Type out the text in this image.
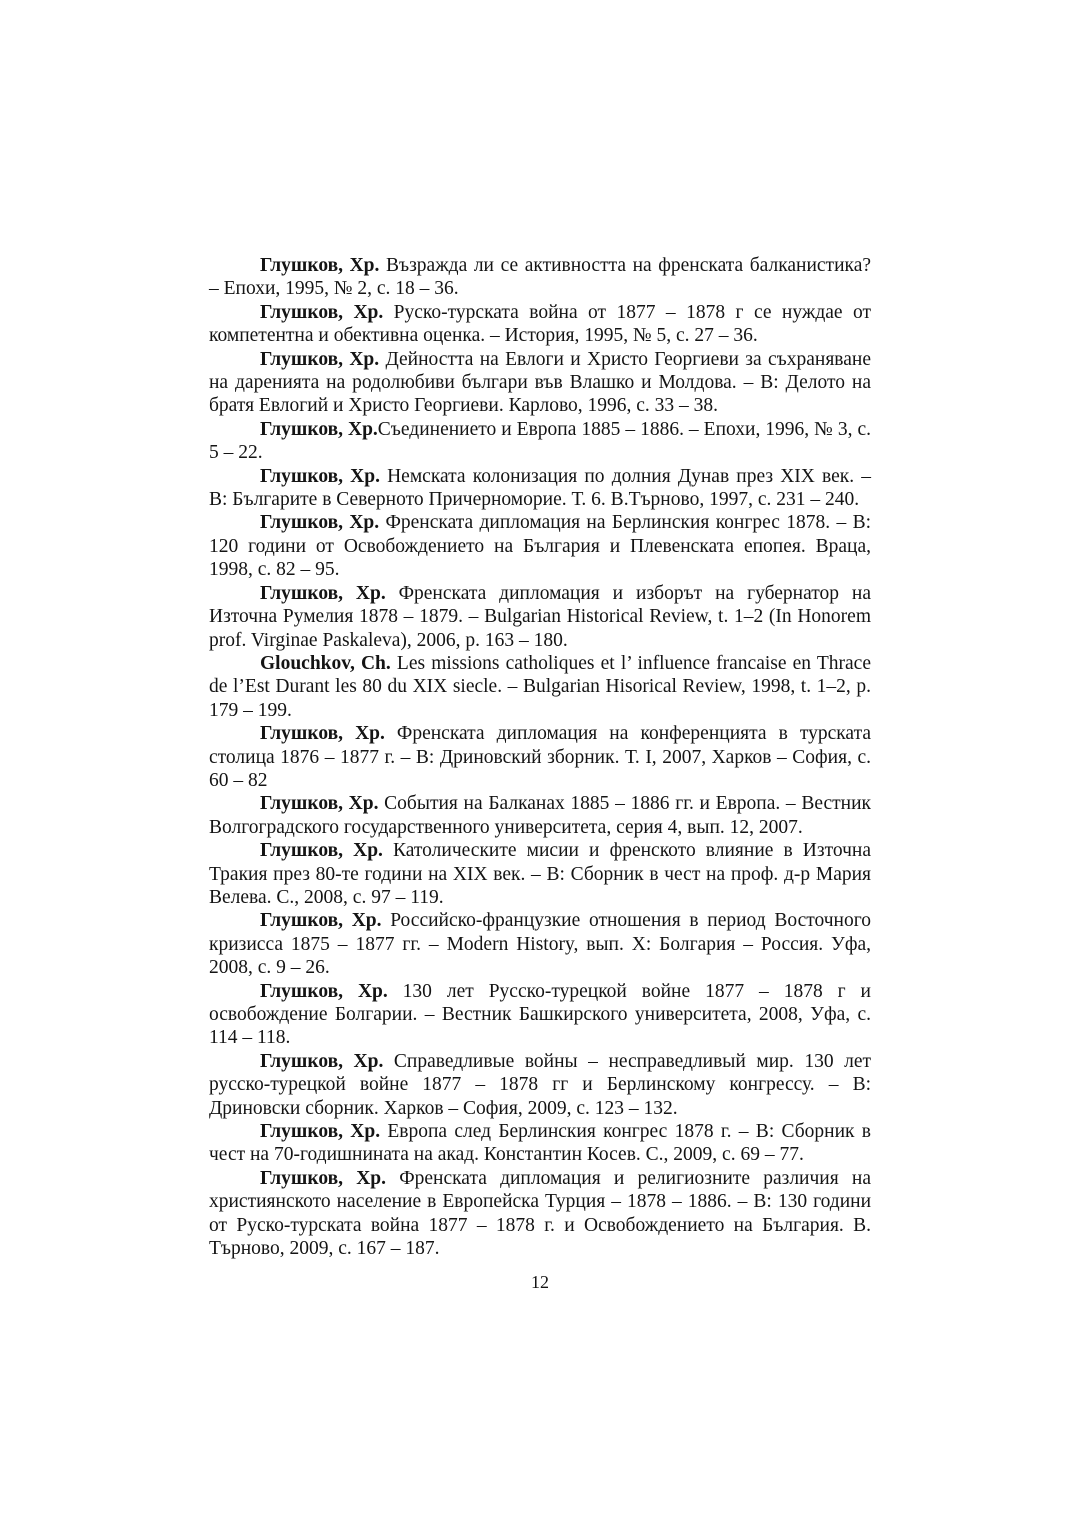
Глушков, Хр. Възражда ли се активността на френската балканистика? – Епохи, 1995, № 2, с. 18 – 36.

Глушков, Хр. Руско-турската война от 1877 – 1878 г се нуждае от компетентна и обективна оценка. – История, 1995, № 5, с. 27 – 36.

Глушков, Хр. Дейността на Евлоги и Христо Георгиеви за съхраняване на даренията на родолюбиви българи във Влашко и Молдова. – В: Делото на братя Евлогий и Христо Георгиеви. Карлово, 1996, с. 33 – 38.

Глушков, Хр.Съединението и Европа 1885 – 1886. – Епохи, 1996, № 3, с. 5 – 22.

Глушков, Хр. Немската колонизация по долния Дунав през XIX век. – В: Българите в Северното Причерноморие. Т. 6. В.Търново, 1997, с. 231 – 240.

Глушков, Хр. Френската дипломация на Берлинския конгрес 1878. – В: 120 години от Освобождението на България и Плевенската епопея. Враца, 1998, с. 82 – 95.

Глушков, Хр. Френската дипломация и изборът на губернатор на Източна Румелия 1878 – 1879. – Bulgarian Historical Review, t. 1–2 (In Honorem prof. Virginae Paskaleva), 2006, p. 163 – 180.

Glouchkov, Ch. Les missions catholiques et l’ influence francaise en Thrace de l’Est Durant les 80 du XIX siecle. – Bulgarian Hisorical Review, 1998, t. 1–2, p. 179 – 199.

Глушков, Хр. Френската дипломация на конференцията в турската столица 1876 – 1877 г. – В: Дриновский зборник. Т. І, 2007, Харков – София, с. 60 – 82

Глушков, Хр. События на Балканах 1885 – 1886 гг. и Европа. – Вестник Волгоградского государственного университета, серия 4, вып. 12, 2007.

Глушков, Хр. Католическите мисии и френското влияние в Източна Тракия през 80-те години на XIX век. – В: Сборник в чест на проф. д-р Мария Велева. С., 2008, с. 97 – 119.

Глушков, Хр. Российско-французкие отношения в период Восточного кризисса 1875 – 1877 гг. – Modern History, вып. X: Болгария – Россия. Уфа, 2008, с. 9 – 26.

Глушков, Хр. 130 лет Русско-турецкой войне 1877 – 1878 г и освобождение Болгарии. – Вестник Башкирского университета, 2008, Уфа, с. 114 – 118.

Глушков, Хр. Справедливые войны – несправедливый мир. 130 лет русско-турецкой войне 1877 – 1878 гг и Берлинскому конгрессу. – В: Дриновски сборник. Харков – София, 2009, с. 123 – 132.

Глушков, Хр. Европа след Берлинския конгрес 1878 г. – В: Сборник в чест на 70-годишнината на акад. Константин Косев. С., 2009, с. 69 – 77.

Глушков, Хр. Френската дипломация и религиозните различия на християнското население в Европейска Турция – 1878 – 1886. – В: 130 години от Руско-турската война 1877 – 1878 г. и Освобождението на България. В. Търново, 2009, с. 167 – 187.

12
